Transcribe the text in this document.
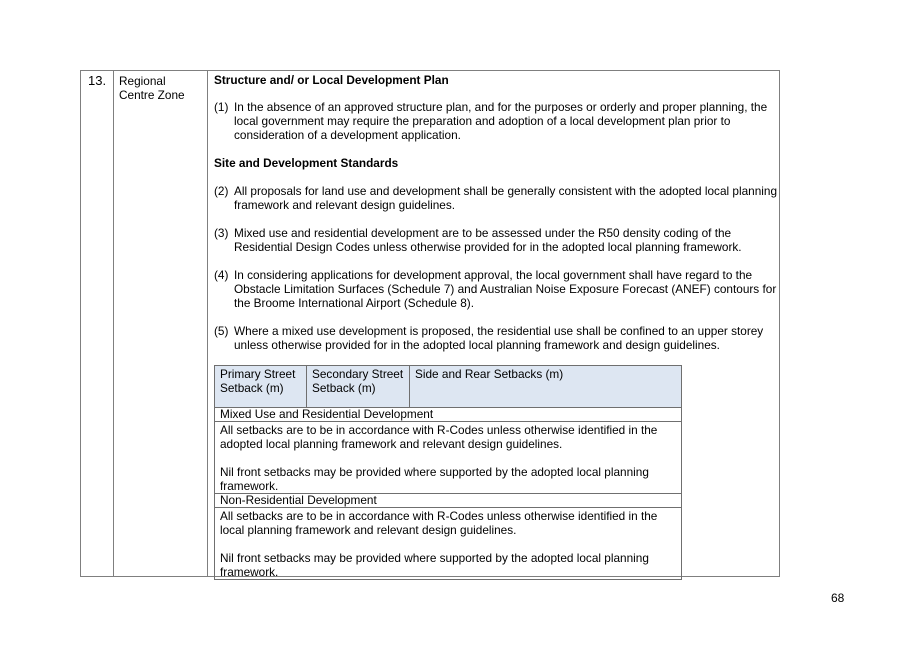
13. Regional
Centre Zone

Structure and/ or Local Development Plan

(1) In the absence of an approved structure plan, and for the purposes or orderly and proper planning, the local government may require the preparation and adoption of a local development plan prior to consideration of a development application.

Site and Development Standards

(2) All proposals for land use and development shall be generally consistent with the adopted local planning framework and relevant design guidelines.

(3) Mixed use and residential development are to be assessed under the R50 density coding of the Residential Design Codes unless otherwise provided for in the adopted local planning framework.

(4) In considering applications for development approval, the local government shall have regard to the Obstacle Limitation Surfaces (Schedule 7) and Australian Noise Exposure Forecast (ANEF) contours for the Broome International Airport (Schedule 8).

(5) Where a mixed use development is proposed, the residential use shall be confined to an upper storey unless otherwise provided for in the adopted local planning framework and design guidelines.

Primary Street Setback (m)	Secondary Street Setback (m)	Side and Rear Setbacks (m)
Mixed Use and Residential Development

All setbacks are to be in accordance with R-Codes unless otherwise identified in the adopted local planning framework and relevant design guidelines.

Nil front setbacks may be provided where supported by the adopted local planning framework.

Non-Residential Development

All setbacks are to be in accordance with R-Codes unless otherwise identified in the local planning framework and relevant design guidelines.

Nil front setbacks may be provided where supported by the adopted local planning framework.

68
